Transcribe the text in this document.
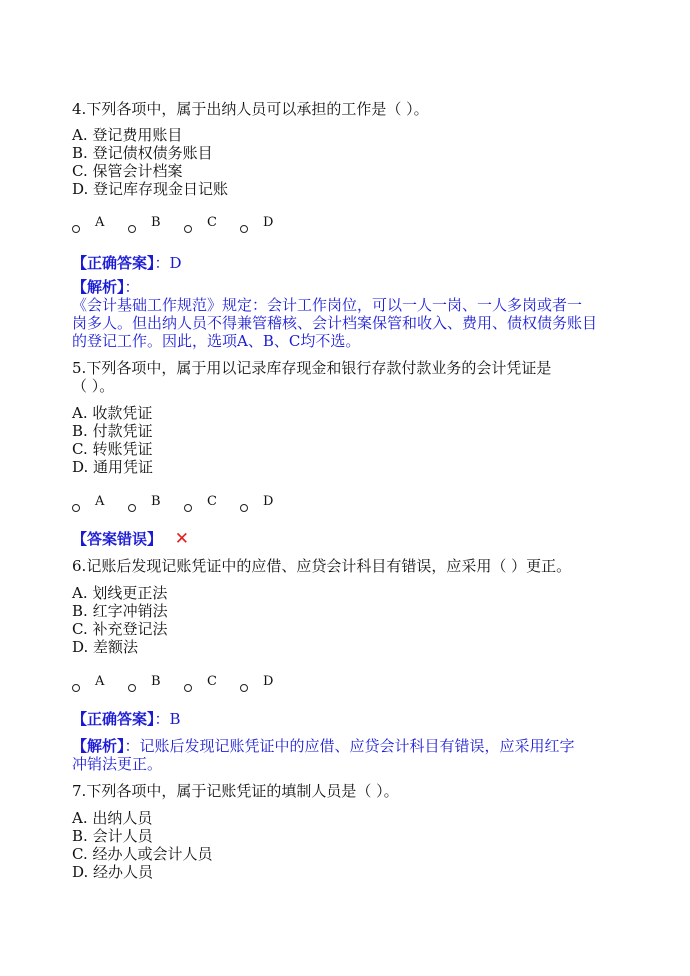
4.下列各项中，属于出纳人员可以承担的工作是（ ）。
A. 登记费用账目
B. 登记债权债务账目
C. 保管会计档案
D. 登记库存现金日记账
A	B	C	D
【正确答案】：D
【解析】：
《会计基础工作规范》规定：会计工作岗位，可以一人一岗、一人多岗或者一
岗多人。但出纳人员不得兼管稽核、会计档案保管和收入、费用、债权债务账目
的登记工作。因此，选项A、B、C均不选。
5.下列各项中，属于用以记录库存现金和银行存款付款业务的会计凭证是
（ ）。
A. 收款凭证
B. 付款凭证
C. 转账凭证
D. 通用凭证
A	B	C	D
【答案错误】 ✕
6.记账后发现记账凭证中的应借、应贷会计科目有错误，应采用（ ）更正。
A. 划线更正法
B. 红字冲销法
C. 补充登记法
D. 差额法
A	B	C	D
【正确答案】：B
【解析】：记账后发现记账凭证中的应借、应贷会计科目有错误，应采用红字
冲销法更正。
7.下列各项中，属于记账凭证的填制人员是（ ）。
A. 出纳人员
B. 会计人员
C. 经办人或会计人员
D. 经办人员
